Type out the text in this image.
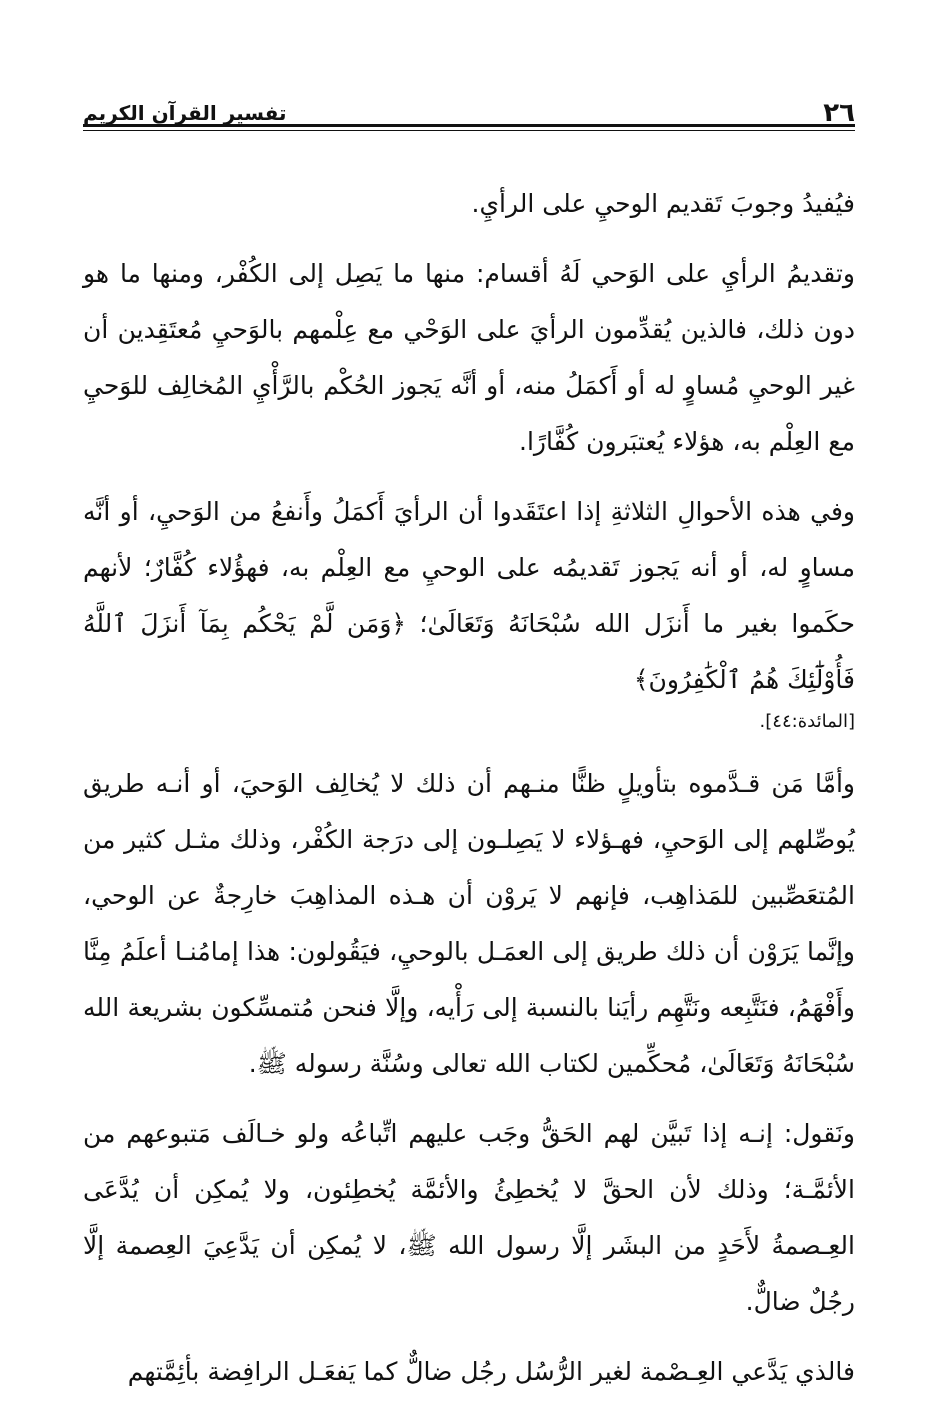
٢٦
تفسير القرآن الكريم

فيُفيدُ وجوبَ تَقديم الوحيِ على الرأيِ.

وتقديمُ الرأيِ على الوَحي لَهُ أقسام: منها ما يَصِل إلى الكُفْر، ومنها ما هو دون ذلك، فالذين يُقدِّمون الرأيَ على الوَحْي مع عِلْمهم بالوَحيِ مُعتَقِدين أن غير الوحيِ مُساوٍ له أو أَكمَلُ منه، أو أنَّه يَجوز الحُكْم بالرَّأْيِ المُخالِف للوَحيِ مع العِلْم به، هؤلاء يُعتبَرون كُفَّارًا.

وفي هذه الأحوالِ الثلاثةِ إذا اعتَقَدوا أن الرأيَ أَكمَلُ وأَنفعُ من الوَحيِ، أو أنَّه مساوٍ له، أو أنه يَجوز تَقديمُه على الوحيِ مع العِلْم به، فهؤُلاء كُفَّارٌ؛ لأنهم حكَموا بغير ما أَنزَل الله سُبْحَانَهُ وَتَعَالَىٰ؛ ﴿وَمَن لَّمْ يَحْكُم بِمَآ أَنزَلَ ٱللَّهُ فَأُوْلَٰٓئِكَ هُمُ ٱلْكَٰفِرُونَ﴾
[المائدة:٤٤].

وأمَّا مَن قـدَّموه بتأويلٍ ظنًّا منـهم أن ذلك لا يُخالِف الوَحيَ، أو أنـه طريق يُوصِّلهم إلى الوَحيِ، فهـؤلاء لا يَصِلـون إلى درَجة الكُفْر، وذلك مثـل كثير من المُتعَصِّبين للمَذاهِب، فإنهم لا يَروْن أن هـذه المذاهِبَ خارِجةٌ عن الوحي، وإنَّما يَرَوْن أن ذلك طريق إلى العمَـل بالوحيِ، فيَقُولون: هذا إمامُنـا أعلَمُ مِنَّا وأَفْهَمُ، فنَتَّبِعه ونَتَّهِم رأيَنا بالنسبة إلى رَأْيه، وإلَّا فنحن مُتمسِّكون بشريعة الله سُبْحَانَهُ وَتَعَالَىٰ، مُحكِّمين لكتاب الله تعالى وسُنَّة رسوله ﷺ.

ونَقول: إنـه إذا تَبيَّن لهم الحَقُّ وجَب عليهم اتِّباعُه ولو خـالَف مَتبوعهم من الأئمَّـة؛ وذلك لأن الحقَّ لا يُخطِئُ والأئمَّة يُخطِئون، ولا يُمكِن أن يُدَّعَى العِـصمةُ لأَحَدٍ من البشَر إلَّا رسول الله ﷺ، لا يُمكِن أن يَدَّعِيَ العِصمة إلَّا رجُلٌ ضالٌّ.

فالذي يَدَّعي العِـصْمة لغير الرُّسُل رجُل ضالٌّ كما يَفعَـل الرافِضة بأئِمَّتهم
